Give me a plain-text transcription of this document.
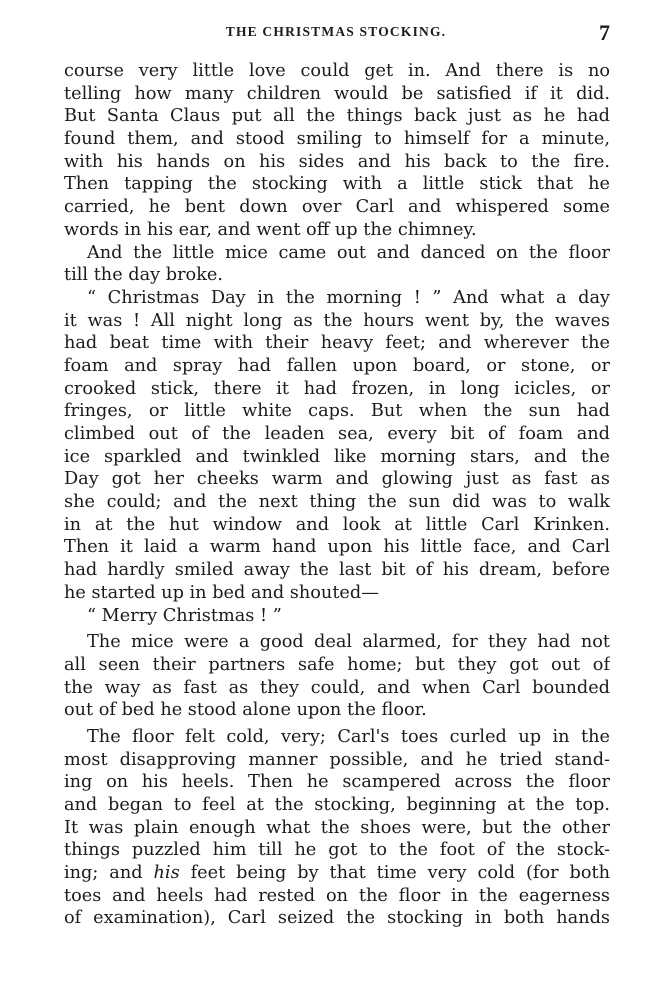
THE CHRISTMAS STOCKING.	7
course very little love could get in. And there is no
telling how many children would be satisfied if it did.
But Santa Claus put all the things back just as he had
found them, and stood smiling to himself for a minute,
with his hands on his sides and his back to the fire.
Then tapping the stocking with a little stick that he
carried, he bent down over Carl and whispered some
words in his ear, and went off up the chimney.
And the little mice came out and danced on the floor
till the day broke.
“ Christmas Day in the morning ! ” And what a day
it was ! All night long as the hours went by, the waves
had beat time with their heavy feet; and wherever the
foam and spray had fallen upon board, or stone, or
crooked stick, there it had frozen, in long icicles, or
fringes, or little white caps. But when the sun had
climbed out of the leaden sea, every bit of foam and
ice sparkled and twinkled like morning stars, and the
Day got her cheeks warm and glowing just as fast as
she could; and the next thing the sun did was to walk
in at the hut window and look at little Carl Krinken.
Then it laid a warm hand upon his little face, and Carl
had hardly smiled away the last bit of his dream, before
he started up in bed and shouted—
“ Merry Christmas ! ”
The mice were a good deal alarmed, for they had not
all seen their partners safe home; but they got out of
the way as fast as they could, and when Carl bounded
out of bed he stood alone upon the floor.
The floor felt cold, very; Carl's toes curled up in the
most disapproving manner possible, and he tried stand-
ing on his heels. Then he scampered across the floor
and began to feel at the stocking, beginning at the top.
It was plain enough what the shoes were, but the other
things puzzled him till he got to the foot of the stock-
ing; and his feet being by that time very cold (for both
toes and heels had rested on the floor in the eagerness
of examination), Carl seized the stocking in both hands
